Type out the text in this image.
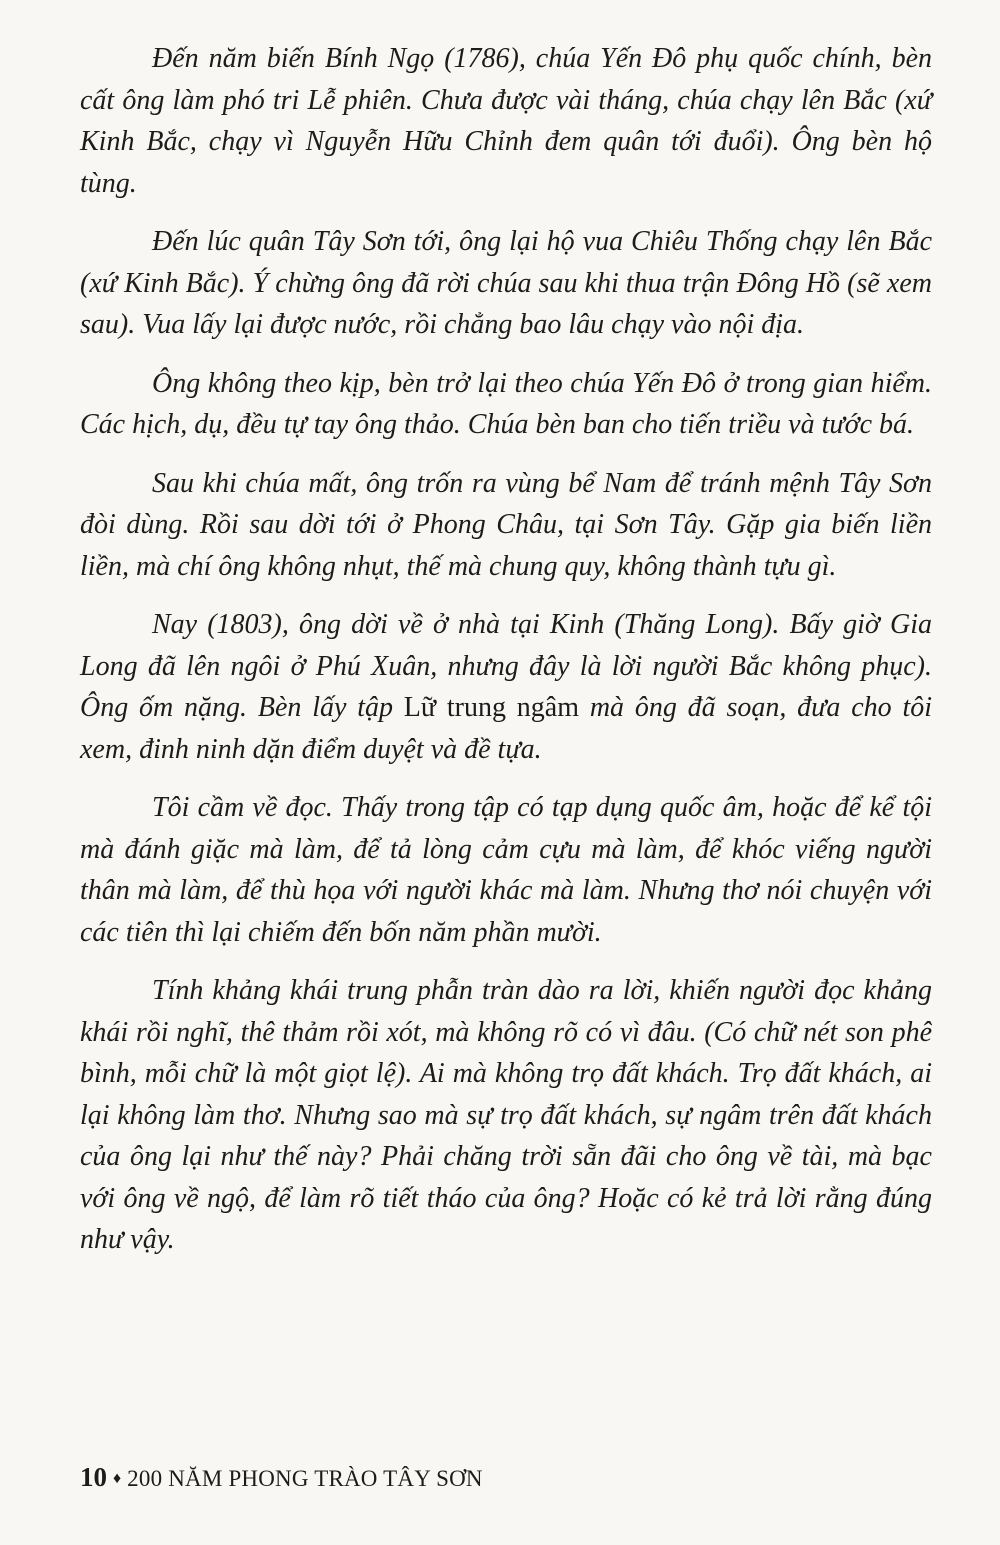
Đến năm biến Bính Ngọ (1786), chúa Yến Đô phụ quốc chính, bèn cất ông làm phó tri Lễ phiên. Chưa được vài tháng, chúa chạy lên Bắc (xứ Kinh Bắc, chạy vì Nguyễn Hữu Chỉnh đem quân tới đuổi). Ông bèn hộ tùng.

Đến lúc quân Tây Sơn tới, ông lại hộ vua Chiêu Thống chạy lên Bắc (xứ Kinh Bắc). Ý chừng ông đã rời chúa sau khi thua trận Đông Hồ (sẽ xem sau). Vua lấy lại được nước, rồi chẳng bao lâu chạy vào nội địa.

Ông không theo kịp, bèn trở lại theo chúa Yến Đô ở trong gian hiểm. Các hịch, dụ, đều tự tay ông thảo. Chúa bèn ban cho tiến triều và tước bá.

Sau khi chúa mất, ông trốn ra vùng bể Nam để tránh mệnh Tây Sơn đòi dùng. Rồi sau dời tới ở Phong Châu, tại Sơn Tây. Gặp gia biến liền liền, mà chí ông không nhụt, thế mà chung quy, không thành tựu gì.

Nay (1803), ông dời về ở nhà tại Kinh (Thăng Long). Bấy giờ Gia Long đã lên ngôi ở Phú Xuân, nhưng đây là lời người Bắc không phục). Ông ốm nặng. Bèn lấy tập Lữ trung ngâm mà ông đã soạn, đưa cho tôi xem, đinh ninh dặn điểm duyệt và đề tựa.

Tôi cầm về đọc. Thấy trong tập có tạp dụng quốc âm, hoặc để kể tội mà đánh giặc mà làm, để tả lòng cảm cựu mà làm, để khóc viếng người thân mà làm, để thù họa với người khác mà làm. Nhưng thơ nói chuyện với các tiên thì lại chiếm đến bốn năm phần mười.

Tính khảng khái trung phẫn tràn dào ra lời, khiến người đọc khảng khái rồi nghĩ, thê thảm rồi xót, mà không rõ có vì đâu. (Có chữ nét son phê bình, mỗi chữ là một giọt lệ). Ai mà không trọ đất khách. Trọ đất khách, ai lại không làm thơ. Nhưng sao mà sự trọ đất khách, sự ngâm trên đất khách của ông lại như thế này? Phải chăng trời sẵn đãi cho ông về tài, mà bạc với ông về ngộ, để làm rõ tiết tháo của ông? Hoặc có kẻ trả lời rằng đúng như vậy.

10 ♦ 200 NĂM PHONG TRÀO TÂY SƠN
